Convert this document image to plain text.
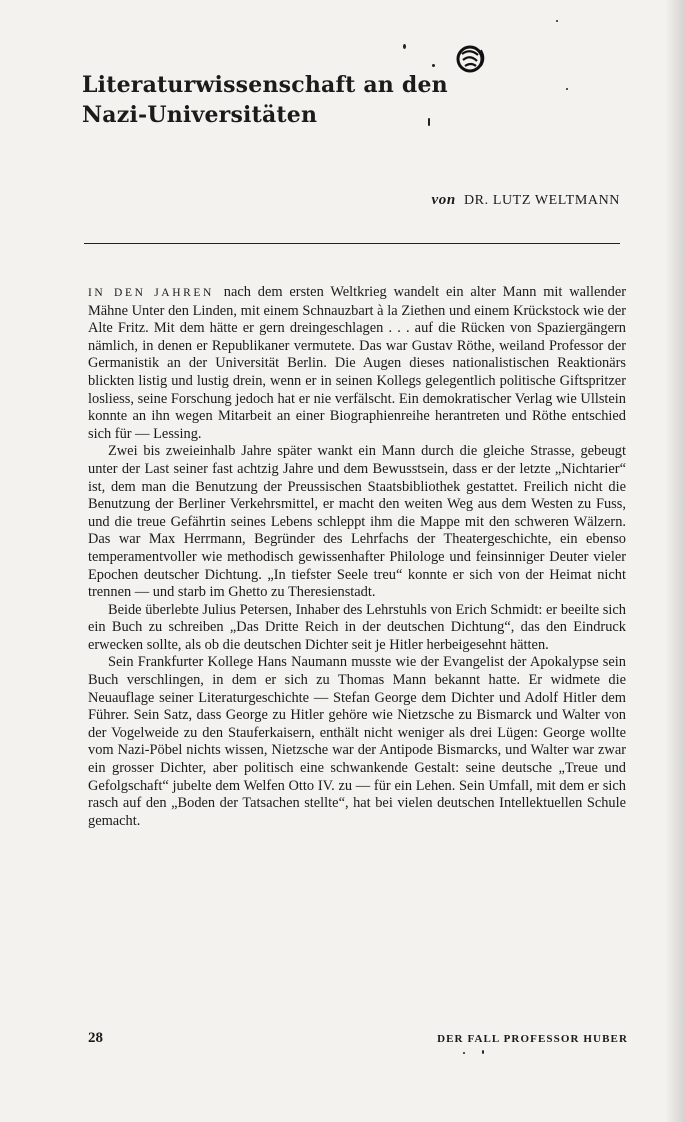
Literaturwissenschaft an den
Nazi-Universitäten
von DR. LUTZ WELTMANN

IN DEN JAHREN nach dem ersten Weltkrieg wandelt ein alter Mann mit wallender Mähne Unter den Linden, mit einem Schnauzbart à la Ziethen und einem Krückstock wie der Alte Fritz. Mit dem hätte er gern dreingeschlagen . . . auf die Rücken von Spaziergängern nämlich, in denen er Republikaner vermutete. Das war Gustav Röthe, weiland Professor der Germanistik an der Universität Berlin. Die Augen dieses nationalistischen Reaktionärs blickten listig und lustig drein, wenn er in seinen Kollegs gelegentlich politische Giftspritzer losliess, seine Forschung jedoch hat er nie verfälscht. Ein demokratischer Verlag wie Ullstein konnte an ihn wegen Mitarbeit an einer Biographienreihe herantreten und Röthe entschied sich für — Lessing.

Zwei bis zweieinhalb Jahre später wankt ein Mann durch die gleiche Strasse, gebeugt unter der Last seiner fast achtzig Jahre und dem Bewusstsein, dass er der letzte „Nichtarier“ ist, dem man die Benutzung der Preussischen Staatsbibliothek gestattet. Freilich nicht die Benutzung der Berliner Verkehrsmittel, er macht den weiten Weg aus dem Westen zu Fuss, und die treue Gefährtin seines Lebens schleppt ihm die Mappe mit den schweren Wälzern. Das war Max Herrmann, Begründer des Lehrfachs der Theatergeschichte, ein ebenso temperamentvoller wie methodisch gewissenhafter Philologe und feinsinniger Deuter vieler Epochen deutscher Dichtung. „In tiefster Seele treu“ konnte er sich von der Heimat nicht trennen — und starb im Ghetto zu Theresienstadt.

Beide überlebte Julius Petersen, Inhaber des Lehrstuhls von Erich Schmidt: er beeilte sich ein Buch zu schreiben „Das Dritte Reich in der deutschen Dichtung“, das den Eindruck erwecken sollte, als ob die deutschen Dichter seit je Hitler herbeigesehnt hätten.

Sein Frankfurter Kollege Hans Naumann musste wie der Evangelist der Apokalypse sein Buch verschlingen, in dem er sich zu Thomas Mann bekannt hatte. Er widmete die Neuauflage seiner Literaturgeschichte — Stefan George dem Dichter und Adolf Hitler dem Führer. Sein Satz, dass George zu Hitler gehöre wie Nietzsche zu Bismarck und Walter von der Vogelweide zu den Stauferkaisern, enthält nicht weniger als drei Lügen: George wollte vom Nazi-Pöbel nichts wissen, Nietzsche war der Antipode Bismarcks, und Walter war zwar ein grosser Dichter, aber politisch eine schwankende Gestalt: seine deutsche „Treue und Gefolgschaft“ jubelte dem Welfen Otto IV. zu — für ein Lehen. Sein Umfall, mit dem er sich rasch auf den „Boden der Tatsachen stellte“, hat bei vielen deutschen Intellektuellen Schule gemacht.

28	DER FALL PROFESSOR HUBER
